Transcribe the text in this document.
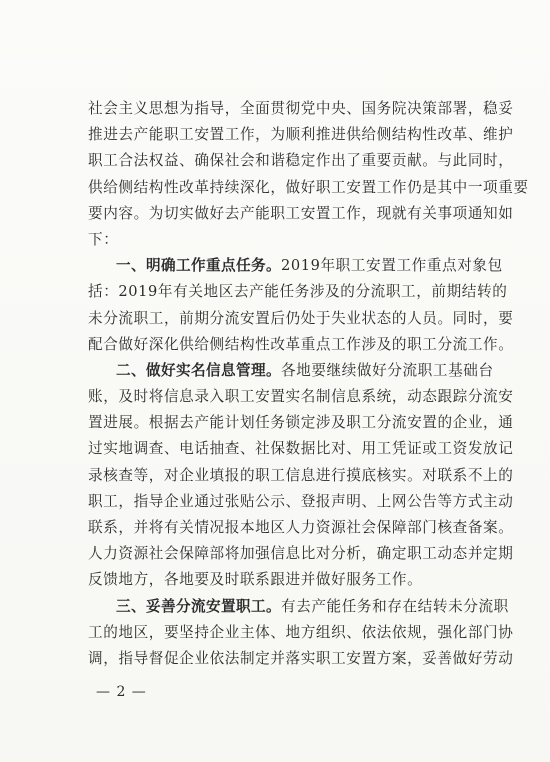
社会主义思想为指导，全面贯彻党中央、国务院决策部署，稳妥
推进去产能职工安置工作，为顺利推进供给侧结构性改革、维护
职工合法权益、确保社会和谐稳定作出了重要贡献。与此同时，
供给侧结构性改革持续深化，做好职工安置工作仍是其中一项重要
要内容。为切实做好去产能职工安置工作，现就有关事项通知如
下：
一、明确工作重点任务。2019年职工安置工作重点对象包
括：2019年有关地区去产能任务涉及的分流职工，前期结转的
未分流职工，前期分流安置后仍处于失业状态的人员。同时，要
配合做好深化供给侧结构性改革重点工作涉及的职工分流工作。
二、做好实名信息管理。各地要继续做好分流职工基础台
账，及时将信息录入职工安置实名制信息系统，动态跟踪分流安
置进展。根据去产能计划任务锁定涉及职工分流安置的企业，通
过实地调查、电话抽查、社保数据比对、用工凭证或工资发放记
录核查等，对企业填报的职工信息进行摸底核实。对联系不上的
职工，指导企业通过张贴公示、登报声明、上网公告等方式主动
联系，并将有关情况报本地区人力资源社会保障部门核查备案。
人力资源社会保障部将加强信息比对分析，确定职工动态并定期
反馈地方，各地要及时联系跟进并做好服务工作。
三、妥善分流安置职工。有去产能任务和存在结转未分流职
工的地区，要坚持企业主体、地方组织、依法依规，强化部门协
调，指导督促企业依法制定并落实职工安置方案，妥善做好劳动
— 2 —
